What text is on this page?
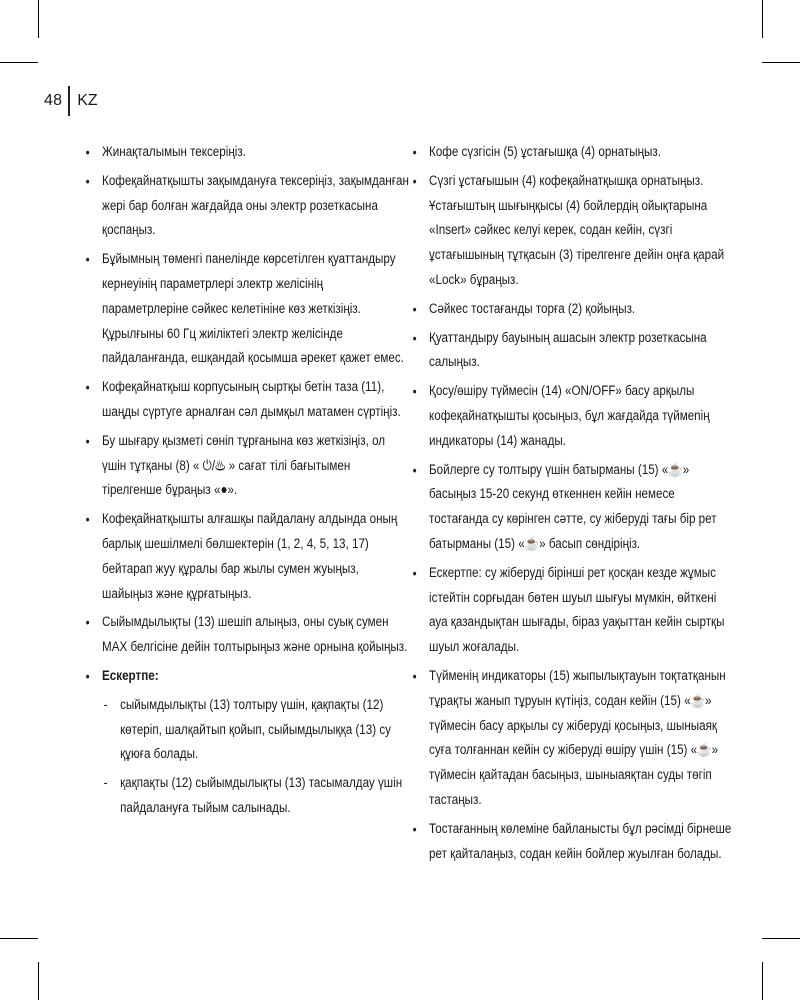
48 KZ
• Жинақталымын тексеріңіз.
• Кофеқайнатқышты зақымдануға тексеріңіз, зақымданған жері бар болған жағдайда оны электр розеткасына қоспаңыз.
• Бұйымның төменгі панелінде көрсетілген қуаттандыру кернеуінің параметрлері электр желісінің параметрлеріне сәйкес келетініне көз жеткізіңіз. Құрылғыны 60 Гц жиіліктегі электр желісінде пайдаланғанда, ешқандай қосымша әрекет қажет емес.
• Кофеқайнатқыш корпусының сыртқы бетін таза (11), шаңды сүртуге арналған сәл дымқыл матамен сүртіңіз.
• Бу шығару қызметі сөніп тұрғанына көз жеткізіңіз, ол үшін тұтқаны (8) « ⏻/♨ » сағат тілі бағытымен тірелгенше бұраңыз «●».
• Кофеқайнатқышты алғашқы пайдалану алдында оның барлық шешілмелі бөлшектерін (1, 2, 4, 5, 13, 17) бейтарап жуу құралы бар жылы сумен жуыңыз, шайыңыз және құрғатыңыз.
• Сыйымдылықты (13) шешіп алыңыз, оны суық сумен MAX белгісіне дейін толтырыңыз және орнына қойыңыз.
• Ескертпе:
- сыйымдылықты (13) толтыру үшін, қақпақты (12) көтеріп, шалқайтып қойып, сыйымдылыққа (13) су құюға болады.
- қақпақты (12) сыйымдылықты (13) тасымалдау үшін пайдалануға тыйым салынады.
• Кофе сүзгісін (5) ұстағышқа (4) орнатыңыз.
• Сүзгі ұстағышын (4) кофеқайнатқышқа орнатыңыз. Ұстағыштың шығыңқысы (4) бойлердің ойықтарына «Insert» сәйкес келуі керек, содан кейін, сүзгі ұстағышының тұтқасын (3) тірелгенге дейін оңға қарай «Lock» бұраңыз.
• Сәйкес тостағанды торға (2) қойыңыз.
• Қуаттандыру бауының ашасын электр розеткасына салыңыз.
• Қосу/өшіру түймесін (14) «ON/OFF» басу арқылы кофеқайнатқышты қосыңыз, бұл жағдайда түймenің индикаторы (14) жанады.
• Бойлерге су толтыру үшін батырманы (15) «☕» басыңыз 15-20 секунд өткеннен кейін немесе тостағанда су көрінген сәтте, су жіберуді тағы бір рет батырманы (15) «☕» басып сөндіріңіз.
• Ескертпе: су жіберуді бірінші рет қосқан кезде жұмыс істейтін сорғыдан бөтен шуыл шығуы мүмкін, өйткені ауа қазандықтан шығады, біраз уақыттан кейін сыртқы шуыл жоғалады.
• Түйменің индикаторы (15) жыпылықтауын тоқтатқанын тұрақты жанып тұруын күтіңіз, содан кейін (15) «☕» түймесін басу арқылы су жіберуді қосыңыз, шыныаяқ суға толғаннан кейін су жіберуді өшіру үшін (15) «☕» түймесін қайтадан басыңыз, шыныаяқтан суды төгіп тастаңыз.
• Тостағанның көлеміне байланысты бұл рәсімді бірнеше рет қайталаңыз, содан кейін бойлер жуылған болады.
